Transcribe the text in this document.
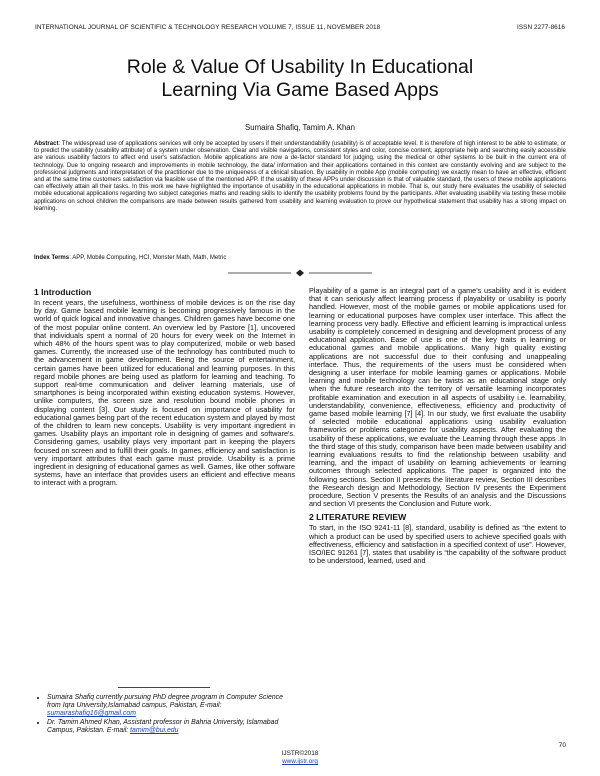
INTERNATIONAL JOURNAL OF SCIENTIFIC & TECHNOLOGY RESEARCH VOLUME 7, ISSUE 11, NOVEMBER 2018	ISSN 2277-8616
Role & Value Of Usability In Educational
Learning Via Game Based Apps
Sumaira Shafiq, Tamim A. Khan
Abstract: The widespread use of applications services will only be accepted by users if their understandability (usability) is of acceptable level. It is therefore of high interest to be able to estimate, or to predict the usability (usability attribute) of a system under observation. Clear and visible navigations, consistent styles and color, concise content, appropriate help and searching easily accessible are various usability factors to affect end user's satisfaction. Mobile applications are now a de-factor standard for judging, using the medical or other systems to be built in the current era of technology. Due to ongoing research and improvements in mobile technology, the data/ information and their applications contained in this context are constantly evolving and are subject to the professional judgments and interpretation of the practitioner due to the uniqueness of a clinical situation. By usability in mobile App (mobile computing) we exactly mean to have an effective, efficient and at the same time customers satisfaction via feasible use of the mentioned APP. If the usability of these APPs under discussion is that of valuable standard, the users of these mobile applications can effectively attain all their tasks. In this work we have highlighted the importance of usability in the educational applications in mobile. That is, our study here evaluates the usability of selected mobile educational applications regarding two subject categories maths and reading skills to identify the usability problems found by the participants. After evaluating usability via testing these mobile applications on school children the comparisons are made between results gathered from usability and learning evaluation to prove our hypothetical statement that usability has a strong impact on learning.
Index Terms: APP, Mobile Computing, HCI, Monster Math, Math, Metric
1 Introduction

In recent years, the usefulness, worthiness of mobile devices is on the rise day by day. Game based mobile learning is becoming progressively famous in the world of quick logical and innovative changes. Children games have become one of the most popular online content. An overview led by Pastore [1], uncovered that individuals spent a normal of 20 hours for every week on the Internet in which 48% of the hours spent was to play computerized, mobile or web based games. Currently, the increased use of the technology has contributed much to the advancement in game development. Being the source of entertainment, certain games have been utilized for educational and learning purposes. In this regard mobile phones are being used as platform for learning and teaching. To support real-time communication and deliver learning materials, use of smartphones is being incorporated within existing education systems. However, unlike computers, the screen size and resolution bound mobile phones in displaying content [3]. Our study is focused on importance of usability for educational games being part of the recent education system and played by most of the children to learn new concepts. Usability is very important ingredient in games. Usability plays an important role in designing of games and software's. Considering games, usability plays very important part in keeping the players focused on screen and to fulfill their goals. In games, efficiency and satisfaction is very important attributes that each game must provide. Usability is a prime ingredient in designing of educational games as well. Games, like other software systems, have an interface that provides users an efficient and effective means to interact with a program.

Playability of a game is an integral part of a game's usability and it is evident that it can seriously affect learning process if playability or usability is poorly handled. However, most of the mobile games or mobile applications used for learning or educational purposes have complex user interface. This affect the learning process very badly. Effective and efficient learning is impractical unless usability is completely concerned in designing and development process of any educational application. Ease of use is one of the key traits in learning or educational games and mobile applications. Many high quality existing applications are not successful due to their confusing and unappealing interface. Thus, the requirements of the users must be considered when designing a user interface for mobile learning games or applications. Mobile learning and mobile technology can be twists as an educational stage only when the future research into the territory of versatile learning incorporates profitable examination and execution in all aspects of usability i.e. learnability, understandability, convenience, effectiveness, efficiency and productivity of game based mobile learning [7] [4]. In our study, we first evaluate the usability of selected mobile educational applications using usability evaluation frameworks or problems categorize for usability aspects. After evaluating the usability of these applications, we evaluate the Learning through these apps .In the third stage of this study, comparison have been made between usability and learning evaluations results to find the relationship between usability and learning, and the impact of usability on learning achievements or learning outcomes through selected applications. The paper is organized into the following sections. Section II presents the literature review, Section III describes the Research design and Methodology, Section IV presents the Experiment procedure, Section V presents the Results of an analysis and the Discussions and section VI presents the Conclusion and Future work.

2 LITERATURE REVIEW

To start, in the ISO 9241-11 [8], standard, usability is defined as “the extent to which a product can be used by specified users to achieve specified goals with effectiveness, efficiency and satisfaction in a specified context of use”. However, ISO/IEC 91261 [7], states that usability is “the capability of the software product to be understood, learned, used and

• Sumaira Shafiq currently pursuing PhD degree program in Computer Science from Iqra University,Islamabad campus, Pakistan, E-mail: sumairashafiq16@gmail.com
• Dr. Tamim Ahmed Khan, Assistant professor in Bahria University, Islamabad Campus, Pakistan. E-mail: tamim@bui.edu
70
IJSTR©2018
www.ijstr.org
